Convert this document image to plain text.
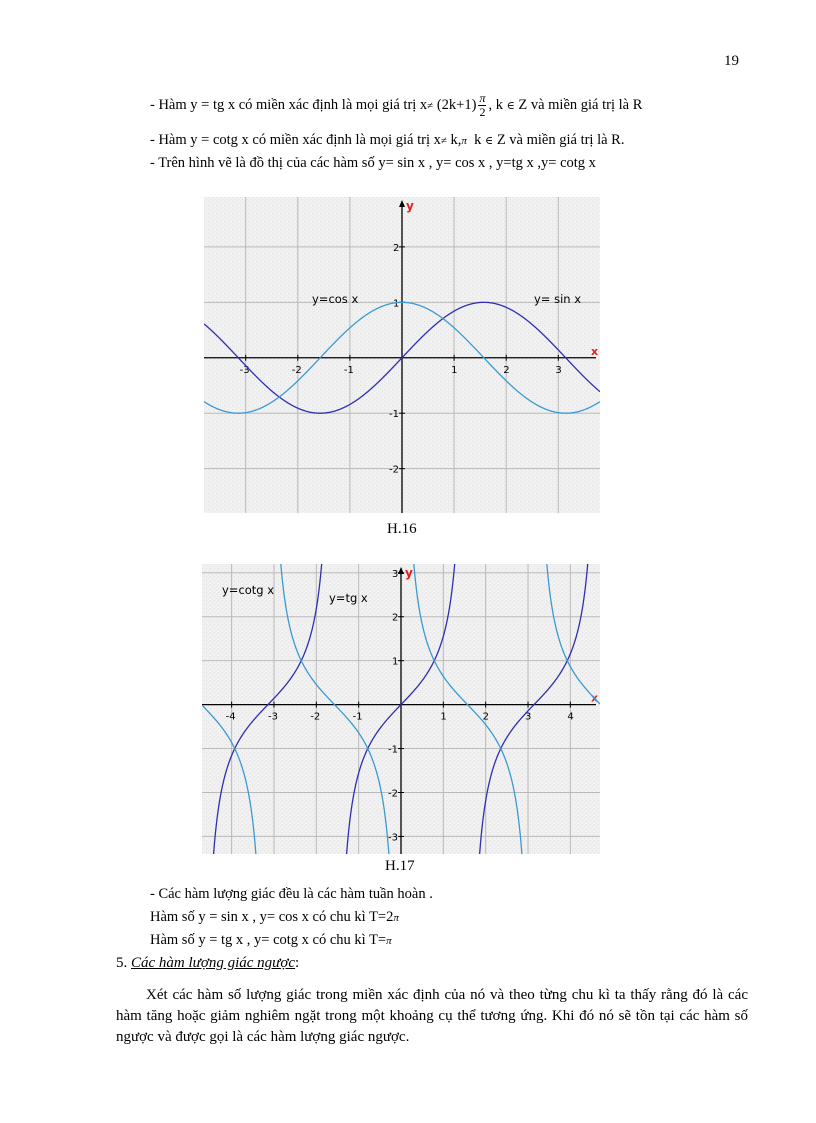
19
- Hàm y = tg x có miền xác định là mọi giá trị $x\ne (2k+1) \frac{\pi}{2}$ , k ∈ Z và miền giá trị là R
- Hàm y = cotg x có miền xác định là mọi giá trị x≠ k,π k ∈ Z và miền giá trị là R.
- Trên hình vẽ là đồ thị của các hàm số y= sin x , y= cos x , y=tg x ,y= cotg x
y
x
-3	-2	-1	1	2	3
-2
-1
1
2
y= sin x
y=cos x
H.16
y
x
-4	-3	-2	-1	1	2	3	4
-3
-2
-1
1
2
3
y=tg x
y=cotg x
H.17
- Các hàm lượng giác đều là các hàm tuần hoàn .
Hàm số y = sin x , y= cos x có chu kì T=2π
Hàm số y = tg x , y= cotg x có chu kì T=π
5. Các hàm lượng giác ngược:
Xét các hàm số lượng giác trong miền xác định của nó và theo từng chu kì ta thấy rằng đó là các hàm tăng hoặc giảm nghiêm ngặt trong một khoảng cụ thể tương ứng. Khi đó nó sẽ tồn tại các hàm số ngược và được gọi là các hàm lượng giác ngược.
